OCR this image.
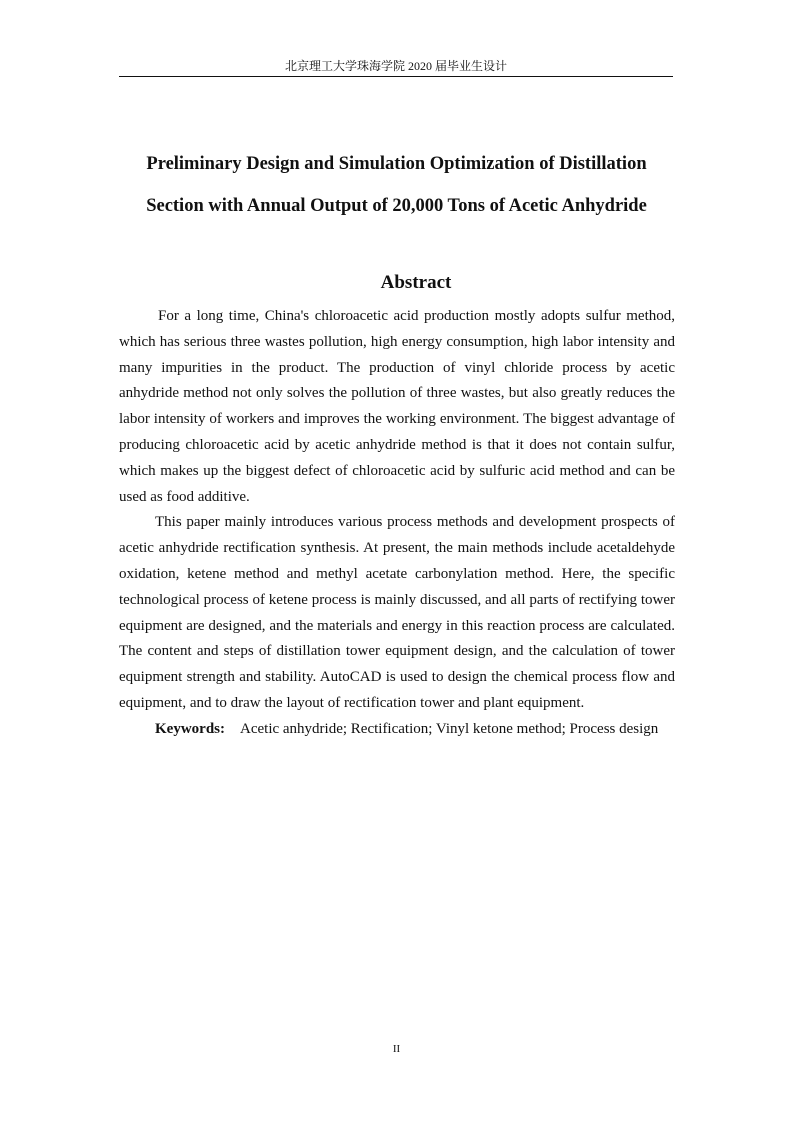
北京理工大学珠海学院 2020 届毕业生设计
Preliminary Design and Simulation Optimization of Distillation
Section with Annual Output of 20,000 Tons of Acetic Anhydride
Abstract

For a long time, China's chloroacetic acid production mostly adopts sulfur method, which has serious three wastes pollution, high energy consumption, high labor intensity and many impurities in the product. The production of vinyl chloride process by acetic anhydride method not only solves the pollution of three wastes, but also greatly reduces the labor intensity of workers and improves the working environment. The biggest advantage of producing chloroacetic acid by acetic anhydride method is that it does not contain sulfur, which makes up the biggest defect of chloroacetic acid by sulfuric acid method and can be used as food additive.

This paper mainly introduces various process methods and development prospects of acetic anhydride rectification synthesis. At present, the main methods include acetaldehyde oxidation, ketene method and methyl acetate carbonylation method. Here, the specific technological process of ketene process is mainly discussed, and all parts of rectifying tower equipment are designed, and the materials and energy in this reaction process are calculated. The content and steps of distillation tower equipment design, and the calculation of tower equipment strength and stability. AutoCAD is used to design the chemical process flow and equipment, and to draw the layout of rectification tower and plant equipment.

Keywords: Acetic anhydride; Rectification; Vinyl ketone method; Process design

II
